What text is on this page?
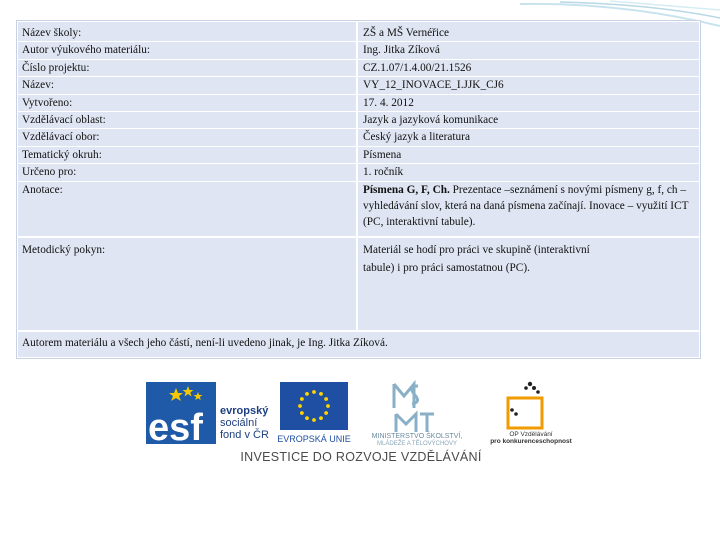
Název školy:
Autor výukového materiálu:
Číslo projektu:
Název:
Vytvořeno:
Vzdělávací oblast:
Vzdělávací obor:
Tematický okruh:
Určeno pro:
Anotace:
ZŠ a MŠ Vernéřice
Ing. Jitka Zíková
CZ.1.07/1.4.00/21.1526
VY_12_INOVACE_I.JJK_CJ6
17. 4. 2012
Jazyk a jazyková komunikace
Český jazyk a literatura
Písmena
1. ročník
Písmena G, F, Ch. Prezentace –seznámení s novými písmeny g, f, ch – vyhledávání slov, která na daná písmena začínají. Inovace – využití ICT (PC, interaktivní tabule).
Metodický pokyn:	Materiál se hodí pro práci ve skupině (interaktivní tabule) i pro práci samostatnou (PC).
Autorem materiálu a všech jeho částí, není-li uvedeno jinak, je Ing. Jitka Zíková.
esf evropský
sociální
fond v ČR EVROPSKÁ UNIE	MINISTERSTVO ŠKOLSTVÍ,
MLÁDEŽE A TĚLOVÝCHOVY
OP Vzdělávání
pro konkurenceschopnost
INVESTICE DO ROZVOJE VZDĚLÁVÁNÍ
